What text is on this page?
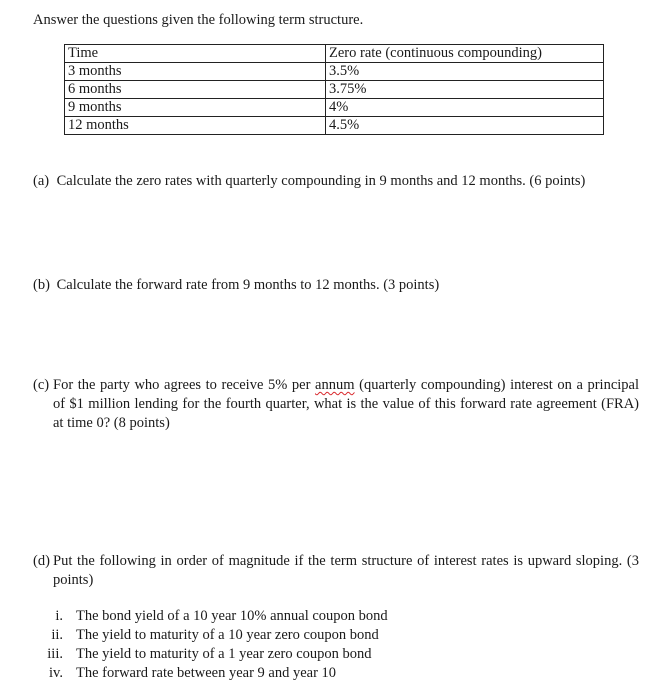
Answer the questions given the following term structure.
Time	Zero rate (continuous compounding)
3 months	3.5%
6 months	3.75%
9 months	4%
12 months	4.5%
(a) Calculate the zero rates with quarterly compounding in 9 months and 12 months. (6 points)
(b) Calculate the forward rate from 9 months to 12 months. (3 points)
(c) For the party who agrees to receive 5% per annum (quarterly compounding) interest on a principal of $1 million lending for the fourth quarter, what is the value of this forward rate agreement (FRA) at time 0? (8 points)
(d) Put the following in order of magnitude if the term structure of interest rates is upward sloping. (3 points)
i. The bond yield of a 10 year 10% annual coupon bond
ii. The yield to maturity of a 10 year zero coupon bond
iii. The yield to maturity of a 1 year zero coupon bond
iv. The forward rate between year 9 and year 10
